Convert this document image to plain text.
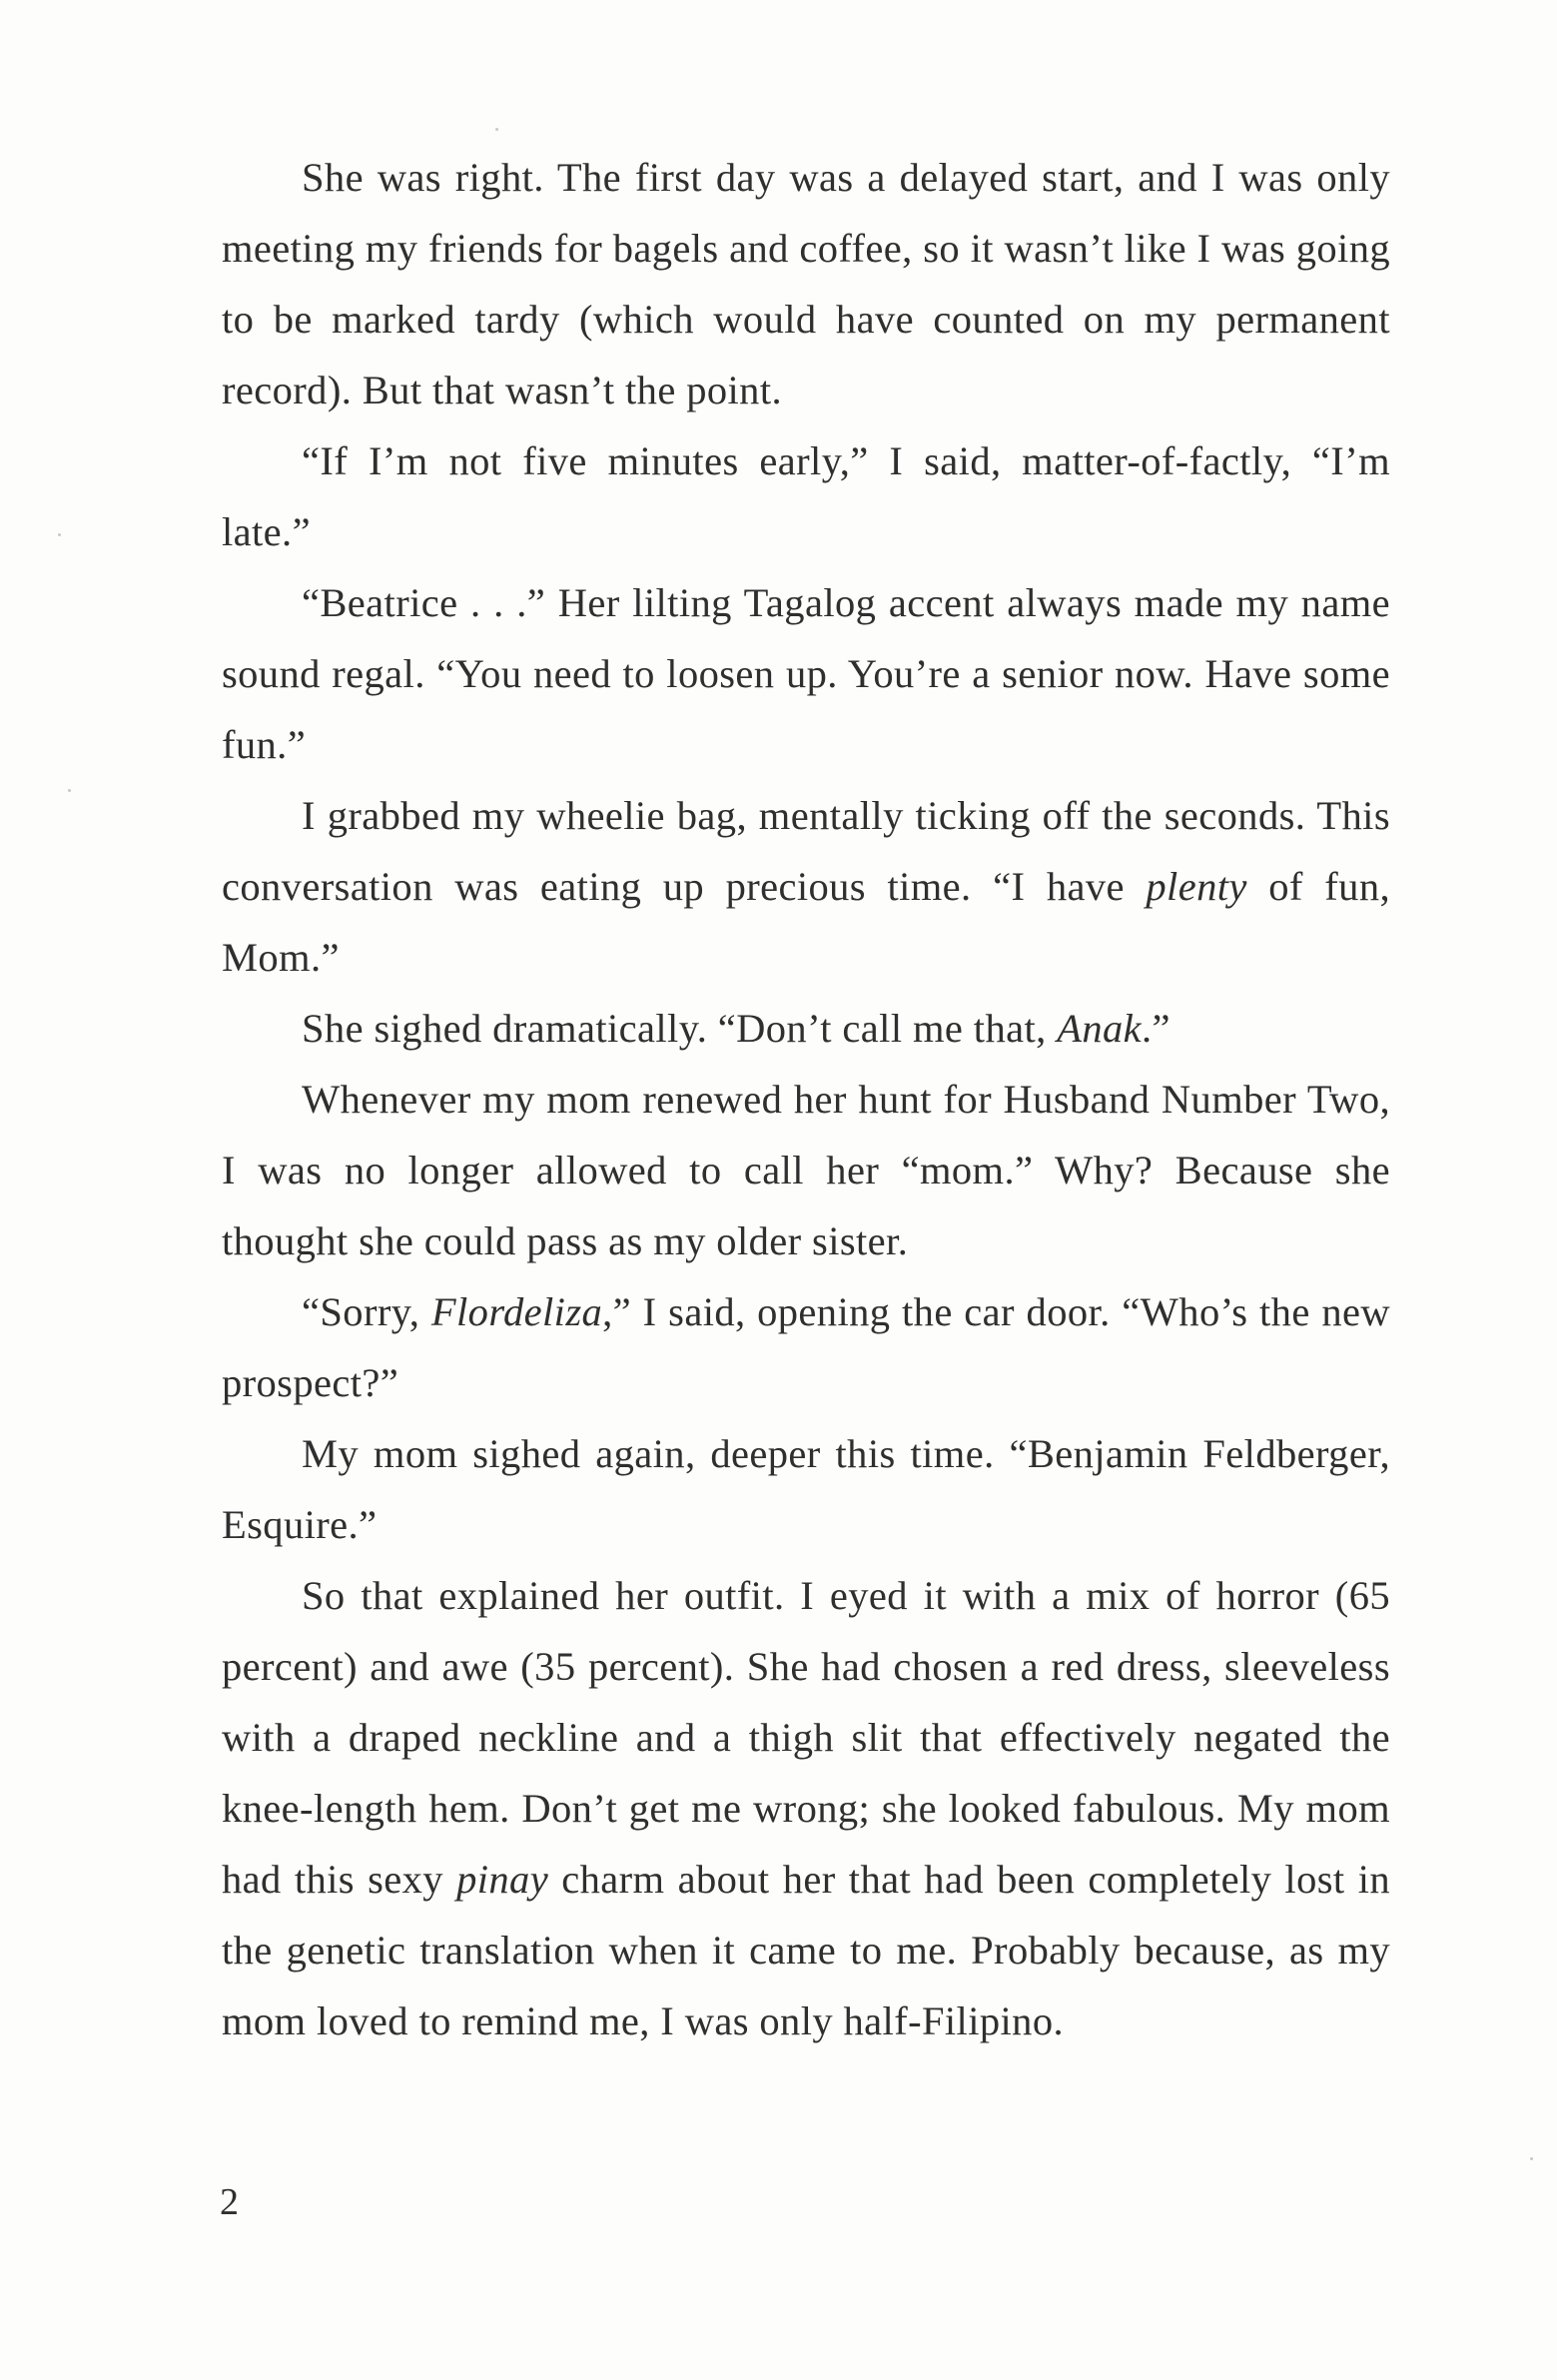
She was right. The first day was a delayed start, and I was only meeting my friends for bagels and coffee, so it wasn’t like I was going to be marked tardy (which would have counted on my permanent record). But that wasn’t the point.

“If I’m not five minutes early,” I said, matter-of-factly, “I’m late.”

“Beatrice . . .” Her lilting Tagalog accent always made my name sound regal. “You need to loosen up. You’re a senior now. Have some fun.”

I grabbed my wheelie bag, mentally ticking off the seconds. This conversation was eating up precious time. “I have plenty of fun, Mom.”

She sighed dramatically. “Don’t call me that, Anak.”

Whenever my mom renewed her hunt for Husband Number Two, I was no longer allowed to call her “mom.” Why? Because she thought she could pass as my older sister.

“Sorry, Flordeliza,” I said, opening the car door. “Who’s the new prospect?”

My mom sighed again, deeper this time. “Benjamin Feldberger, Esquire.”

So that explained her outfit. I eyed it with a mix of horror (65 percent) and awe (35 percent). She had chosen a red dress, sleeveless with a draped neckline and a thigh slit that effectively negated the knee-length hem. Don’t get me wrong; she looked fabulous. My mom had this sexy pinay charm about her that had been completely lost in the genetic translation when it came to me. Probably because, as my mom loved to remind me, I was only half-Filipino.

2
